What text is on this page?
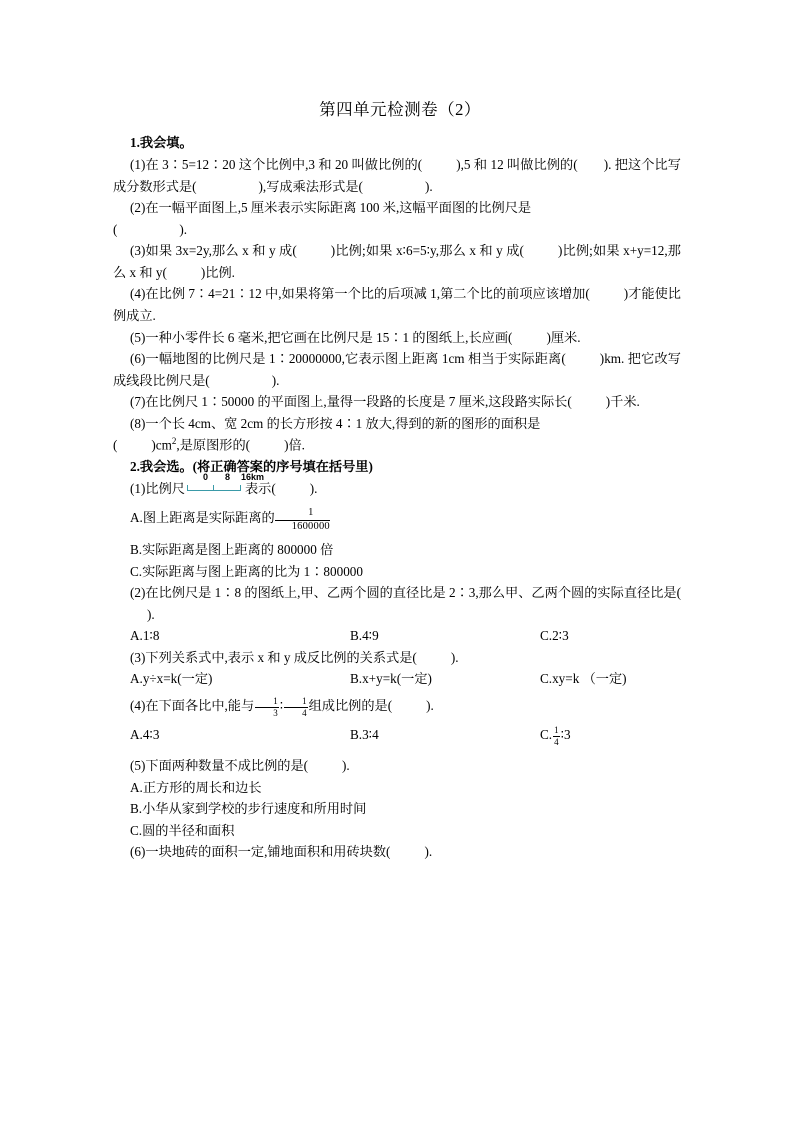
第四单元检测卷（2）
1.我会填。

(1)在 3∶5=12∶20 这个比例中,3 和 20 叫做比例的(	),5 和 12 叫做比例的( ). 把这个比写成分数形式是(	),写成乘法形式是(	).

(2)在一幅平面图上,5 厘米表示实际距离 100 米,这幅平面图的比例尺是

(	).

(3)如果 3x=2y,那么 x 和 y 成(	)比例;如果 x∶6=5∶y,那么 x 和 y 成(	)比例;如果 x+y=12,那么 x 和 y(	)比例.

(4)在比例 7∶4=21∶12 中,如果将第一个比的后项减 1,第二个比的前项应该增加(	)才能使比例成立.

(5)一种小零件长 6 毫米,把它画在比例尺是 15∶1 的图纸上,长应画(	)厘米.

(6)一幅地图的比例尺是 1∶20000000,它表示图上距离 1cm 相当于实际距离(	)km. 把它改写成线段比例尺是(	).

(7)在比例尺 1∶50000 的平面图上,量得一段路的长度是 7 厘米,这段路实际长(	)千米.

(8)一个长 4cm、宽 2cm 的长方形按 4∶1 放大,得到的新的图形的面积是

(	)$cm^2$,是原图形的(	)倍.

2.我会选。(将正确答案的序号填在括号里)

(1)比例尺
0	8	16km
表示(	).

A.图上距离是实际距离的 $\frac{1}{1600000}$

B.实际距离是图上距离的 800000 倍

C.实际距离与图上距离的比为 1∶800000

(2)在比例尺是 1∶8 的图纸上,甲、乙两个圆的直径比是 2∶3,那么甲、乙两个圆的实际直径比是().

A.1∶8	B.4∶9	C.2∶3

(3)下列关系式中,表示 x 和 y 成反比例的关系式是(	).

A.y÷x=k(一定)	B.x+y=k(一定)	C.xy=k （一定)

(4)在下面各比中,能与 $\frac{1}{3}$ ∶ $\frac{1}{4}$ 组成比例的是(	).

A.4∶3	B.3∶4	C. $\frac{1}{4}$ ∶3

(5)下面两种数量不成比例的是(	).

A.正方形的周长和边长

B.小华从家到学校的步行速度和所用时间

C.圆的半径和面积

(6)一块地砖的面积一定,铺地面积和用砖块数(	).
